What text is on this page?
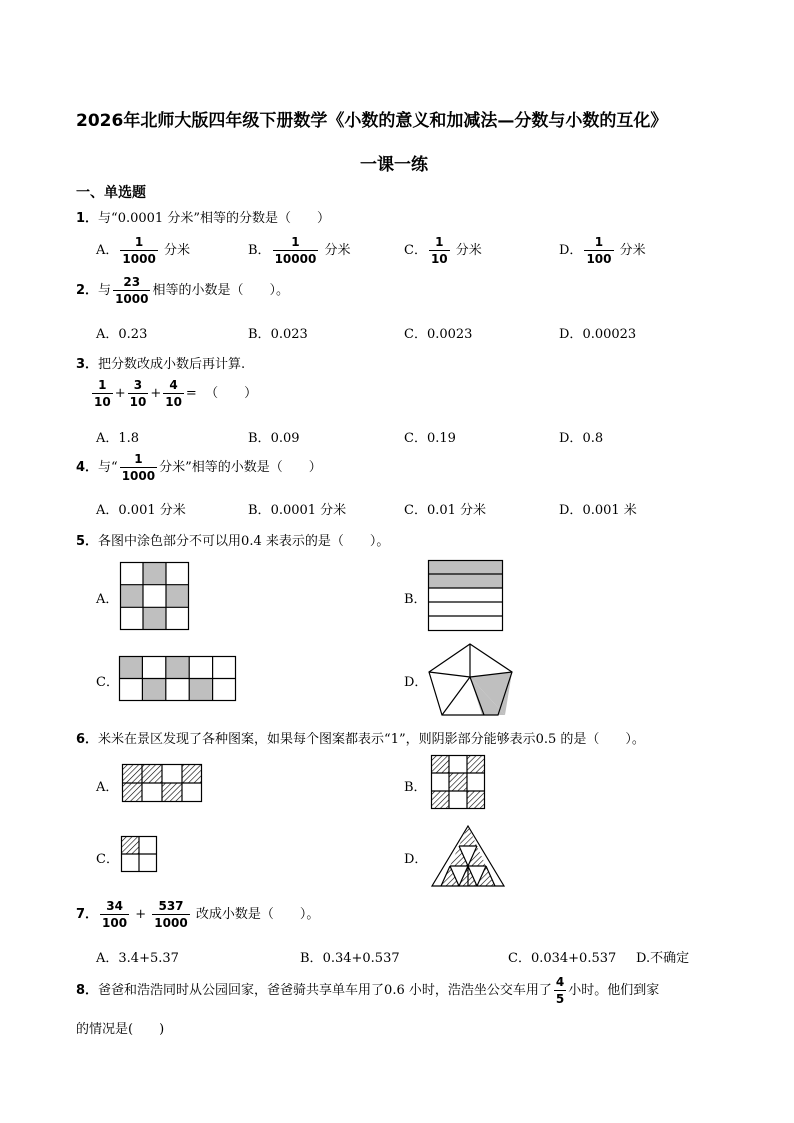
2026年北师大版四年级下册数学《小数的意义和加减法—分数与小数的互化》
一课一练
一、单选题
1．与“0.0001 分米”相等的分数是（　　）
A． $\frac{1}{1000}$ 分米	B． $\frac{1}{10000}$ 分米	C． $\frac{1}{10}$ 分米	D． $\frac{1}{100}$ 分米
2．与 $\frac{23}{1000}$ 相等的小数是（　　）。
A．0.23	B．0.023	C．0.0023	D．0.00023
3．把分数改成小数后再计算.
$\frac{1}{10} + \frac{3}{10} + \frac{4}{10}$ = （　　）
A．1.8	B．0.09	C．0.19	D．0.8
4．与“ $\frac{1}{1000}$ 分米”相等的小数是（　　）
A．0.001 分米	B．0.0001 分米	C．0.01 分米	D．0.001 米
5．各图中涂色部分不可以用0.4 来表示的是（　　）。
A．	B．
C．	D．
6．米米在景区发现了各种图案，如果每个图案都表示“1”，则阴影部分能够表示0.5 的是（　　）。
A．	B．
C．	D．
7． $\frac{34}{100} + \frac{537}{1000}$ 改成小数是（　　）。
A．3.4+5.37	B．0.34+0.537	C．0.034+0.537 D.不确定
8．爸爸和浩浩同时从公园回家，爸爸骑共享单车用了0.6 小时，浩浩坐公交车用了 $\frac{4}{5}$ 小时。他们到家
的情况是(　　)
